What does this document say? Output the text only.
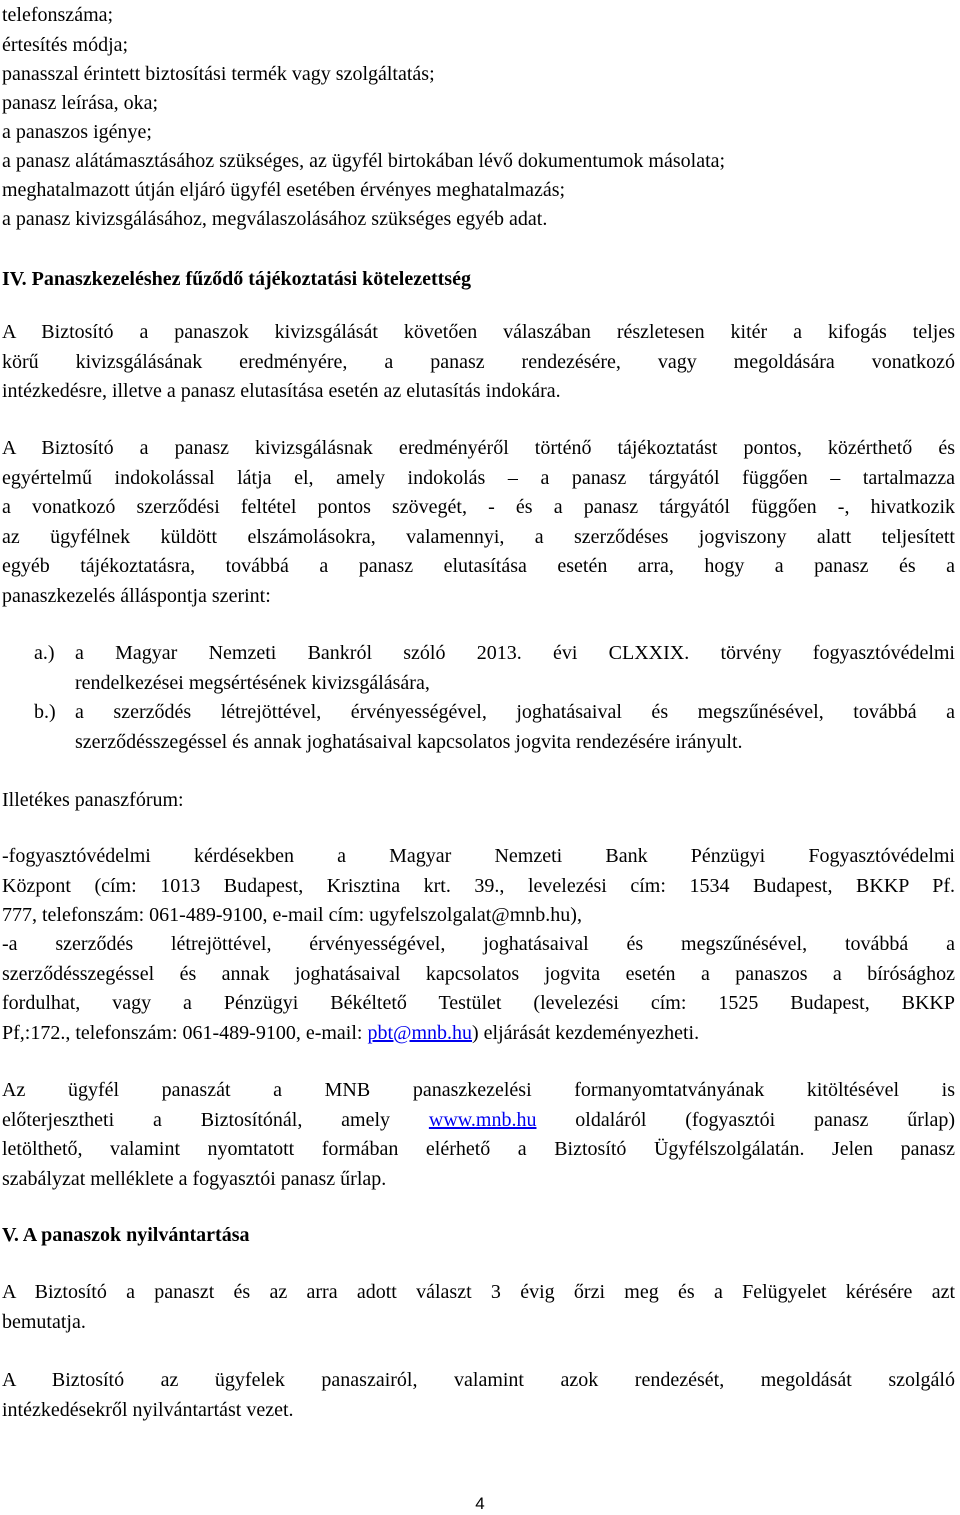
telefonszáma;
értesítés módja;
panasszal érintett biztosítási termék vagy szolgáltatás;
panasz leírása, oka;
a panaszos igénye;
a panasz alátámasztásához szükséges, az ügyfél birtokában lévő dokumentumok másolata;
meghatalmazott útján eljáró ügyfél esetében érvényes meghatalmazás;
a panasz kivizsgálásához, megválaszolásához szükséges egyéb adat.
IV. Panaszkezeléshez fűződő tájékoztatási kötelezettség
A Biztosító a panaszok kivizsgálását követően válaszában részletesen kitér a kifogás teljes
körű kivizsgálásának eredményére, a panasz rendezésére, vagy megoldására vonatkozó
intézkedésre, illetve a panasz elutasítása esetén az elutasítás indokára.
A Biztosító a panasz kivizsgálásnak eredményéről történő tájékoztatást pontos, közérthető és
egyértelmű indokolással látja el, amely indokolás – a panasz tárgyától függően – tartalmazza
a vonatkozó szerződési feltétel pontos szövegét, - és a panasz tárgyától függően -, hivatkozik
az ügyfélnek küldött elszámolásokra, valamennyi, a szerződéses jogviszony alatt teljesített
egyéb tájékoztatásra, továbbá a panasz elutasítása esetén arra, hogy a panasz és a
panaszkezelés álláspontja szerint:
a.)	a Magyar Nemzeti Bankról szóló 2013. évi CLXXIX. törvény fogyasztóvédelmi
rendelkezései megsértésének kivizsgálására,
b.) a szerződés létrejöttével, érvényességével, joghatásaival és megszűnésével, továbbá a
szerződésszegéssel és annak joghatásaival kapcsolatos jogvita rendezésére irányult.
Illetékes panaszfórum:
-fogyasztóvédelmi kérdésekben a Magyar Nemzeti Bank Pénzügyi Fogyasztóvédelmi
Központ (cím: 1013 Budapest, Krisztina krt. 39., levelezési cím: 1534 Budapest, BKKP Pf.
777, telefonszám: 061-489-9100, e-mail cím: ugyfelszolgalat@mnb.hu),
-a szerződés létrejöttével, érvényességével, joghatásaival és megszűnésével, továbbá a
szerződésszegéssel és annak joghatásaival kapcsolatos jogvita esetén a panaszos a bírósághoz
fordulhat, vagy a Pénzügyi Békéltető Testület (levelezési cím: 1525 Budapest, BKKP
Pf,:172., telefonszám: 061-489-9100, e-mail: pbt@mnb.hu) eljárását kezdeményezheti.
Az ügyfél panaszát a MNB panaszkezelési formanyomtatványának kitöltésével is
előterjesztheti a Biztosítónál, amely www.mnb.hu oldaláról (fogyasztói panasz űrlap)
letölthető, valamint nyomtatott formában elérhető a Biztosító Ügyfélszolgálatán. Jelen panasz
szabályzat melléklete a fogyasztói panasz űrlap.
V. A panaszok nyilvántartása
A Biztosító a panaszt és az arra adott választ 3 évig őrzi meg és a Felügyelet kérésére azt
bemutatja.
A Biztosító az ügyfelek panaszairól, valamint azok rendezését, megoldását szolgáló
intézkedésekről nyilvántartást vezet.
4
